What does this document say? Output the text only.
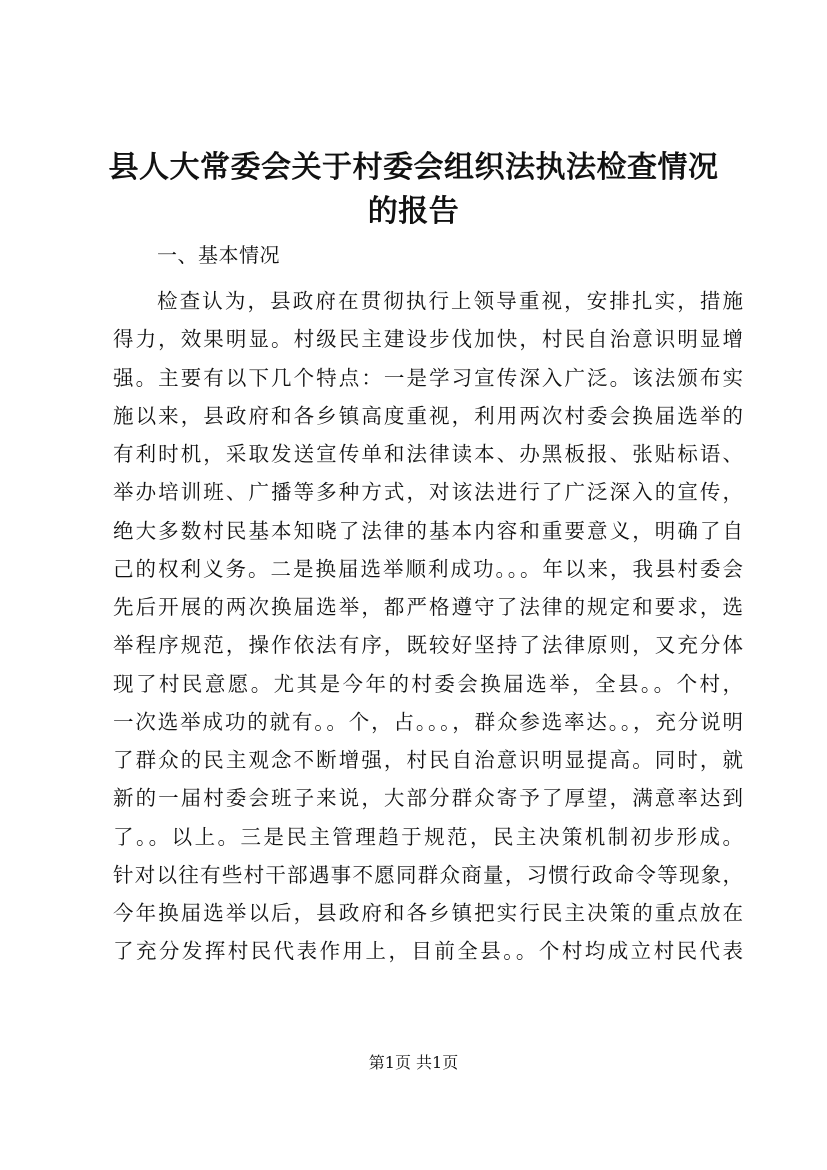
县人大常委会关于村委会组织法执法检查情况
的报告
一、基本情况
检查认为，县政府在贯彻执行上领导重视，安排扎实，措施
得力，效果明显。村级民主建设步伐加快，村民自治意识明显增
强。主要有以下几个特点：一是学习宣传深入广泛。该法颁布实
施以来，县政府和各乡镇高度重视，利用两次村委会换届选举的
有利时机，采取发送宣传单和法律读本、办黑板报、张贴标语、
举办培训班、广播等多种方式，对该法进行了广泛深入的宣传，
绝大多数村民基本知晓了法律的基本内容和重要意义，明确了自
己的权利义务。二是换届选举顺利成功。。。年以来，我县村委会
先后开展的两次换届选举，都严格遵守了法律的规定和要求，选
举程序规范，操作依法有序，既较好坚持了法律原则，又充分体
现了村民意愿。尤其是今年的村委会换届选举，全县。。个村，
一次选举成功的就有。。个，占。。。，群众参选率达。。，充分说明
了群众的民主观念不断增强，村民自治意识明显提高。同时，就
新的一届村委会班子来说，大部分群众寄予了厚望，满意率达到
了。。以上。三是民主管理趋于规范，民主决策机制初步形成。
针对以往有些村干部遇事不愿同群众商量，习惯行政命令等现象，
今年换届选举以后，县政府和各乡镇把实行民主决策的重点放在
了充分发挥村民代表作用上，目前全县。。个村均成立村民代表
第1页 共1页
